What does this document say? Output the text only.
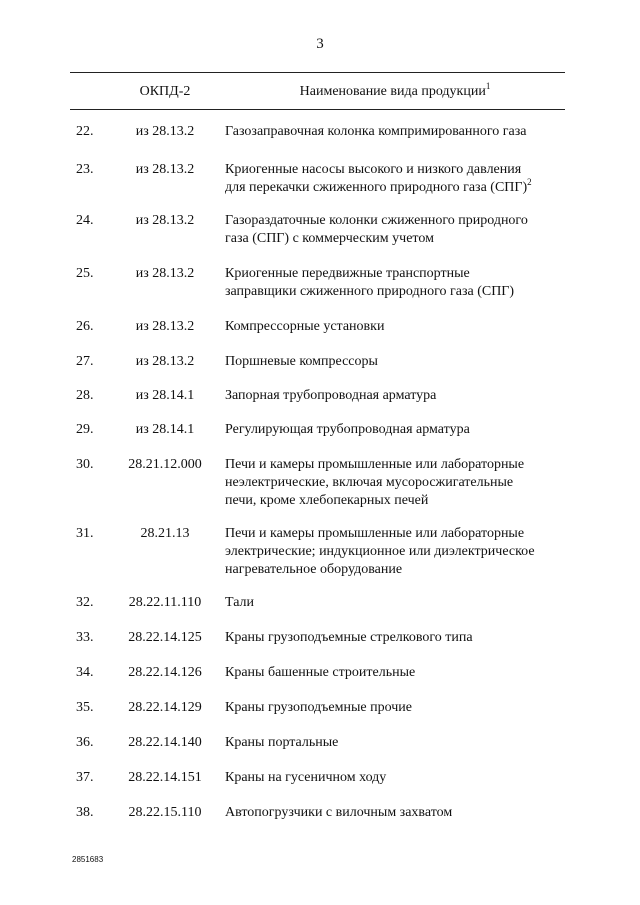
3
ОКПД-2	Наименование вида продукции$^1$
22.	из 28.13.2	Газозаправочная колонка компримированного газа
23.	из 28.13.2	Криогенные насосы высокого и низкого давления
для перекачки сжиженного природного газа (СПГ)$^2$
24.	из 28.13.2	Газораздаточные колонки сжиженного природного
газа (СПГ) с коммерческим учетом
25.	из 28.13.2	Криогенные передвижные транспортные
заправщики сжиженного природного газа (СПГ)
26.	из 28.13.2	Компрессорные установки
27.	из 28.13.2	Поршневые компрессоры
28.	из 28.14.1	Запорная трубопроводная арматура
29.	из 28.14.1	Регулирующая трубопроводная арматура
30.	28.21.12.000	Печи и камеры промышленные или лабораторные
неэлектрические, включая мусоросжигательные
печи, кроме хлебопекарных печей
31.	28.21.13	Печи и камеры промышленные или лабораторные
электрические; индукционное или диэлектрическое
нагревательное оборудование
32.	28.22.11.110	Тали
33.	28.22.14.125	Краны грузоподъемные стрелкового типа
34.	28.22.14.126	Краны башенные строительные
35.	28.22.14.129	Краны грузоподъемные прочие
36.	28.22.14.140	Краны портальные
37.	28.22.14.151	Краны на гусеничном ходу
38.	28.22.15.110	Автопогрузчики с вилочным захватом
2851683
